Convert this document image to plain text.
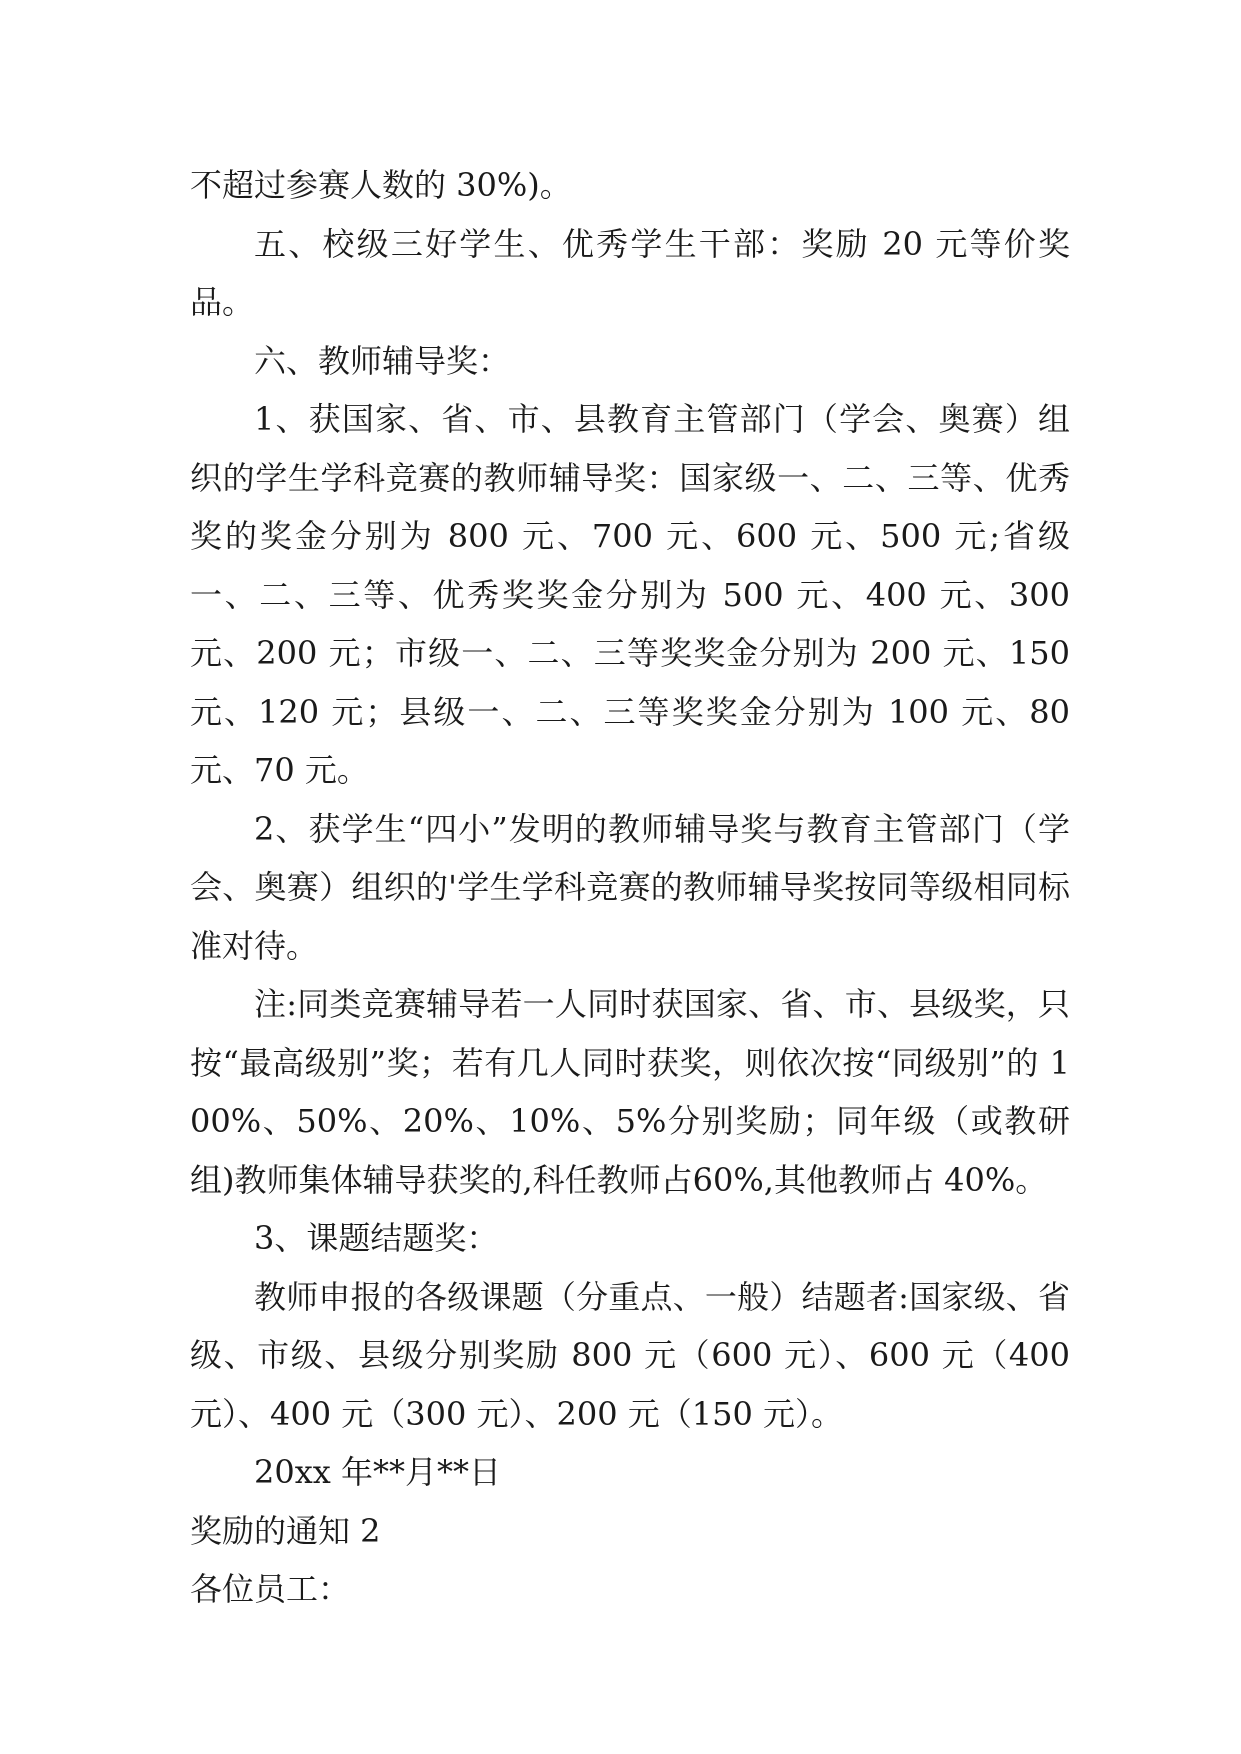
不超过参赛人数的 30%)。

五、校级三好学生、优秀学生干部：奖励 20 元等价奖品。

六、教师辅导奖：

1、获国家、省、市、县教育主管部门（学会、奥赛）组织的学生学科竞赛的教师辅导奖：国家级一、二、三等、优秀奖的奖金分别为 800 元、700 元、600 元、500 元;省级一、二、三等、优秀奖奖金分别为 500 元、400 元、300 元、200 元；市级一、二、三等奖奖金分别为 200 元、150 元、120 元；县级一、二、三等奖奖金分别为 100 元、80 元、70 元。

2、获学生“四小”发明的教师辅导奖与教育主管部门（学会、奥赛）组织的'学生学科竞赛的教师辅导奖按同等级相同标准对待。

注:同类竞赛辅导若一人同时获国家、省、市、县级奖，只按“最高级别”奖；若有几人同时获奖，则依次按“同级别”的 100%、50%、20%、10%、5%分别奖励；同年级（或教研组)教师集体辅导获奖的,科任教师占60%,其他教师占 40%。

3、课题结题奖：

教师申报的各级课题（分重点、一般）结题者:国家级、省级、市级、县级分别奖励 800 元（600 元）、600 元（400 元）、400 元（300 元）、200 元（150 元）。

20xx 年**月**日

奖励的通知 2

各位员工：
